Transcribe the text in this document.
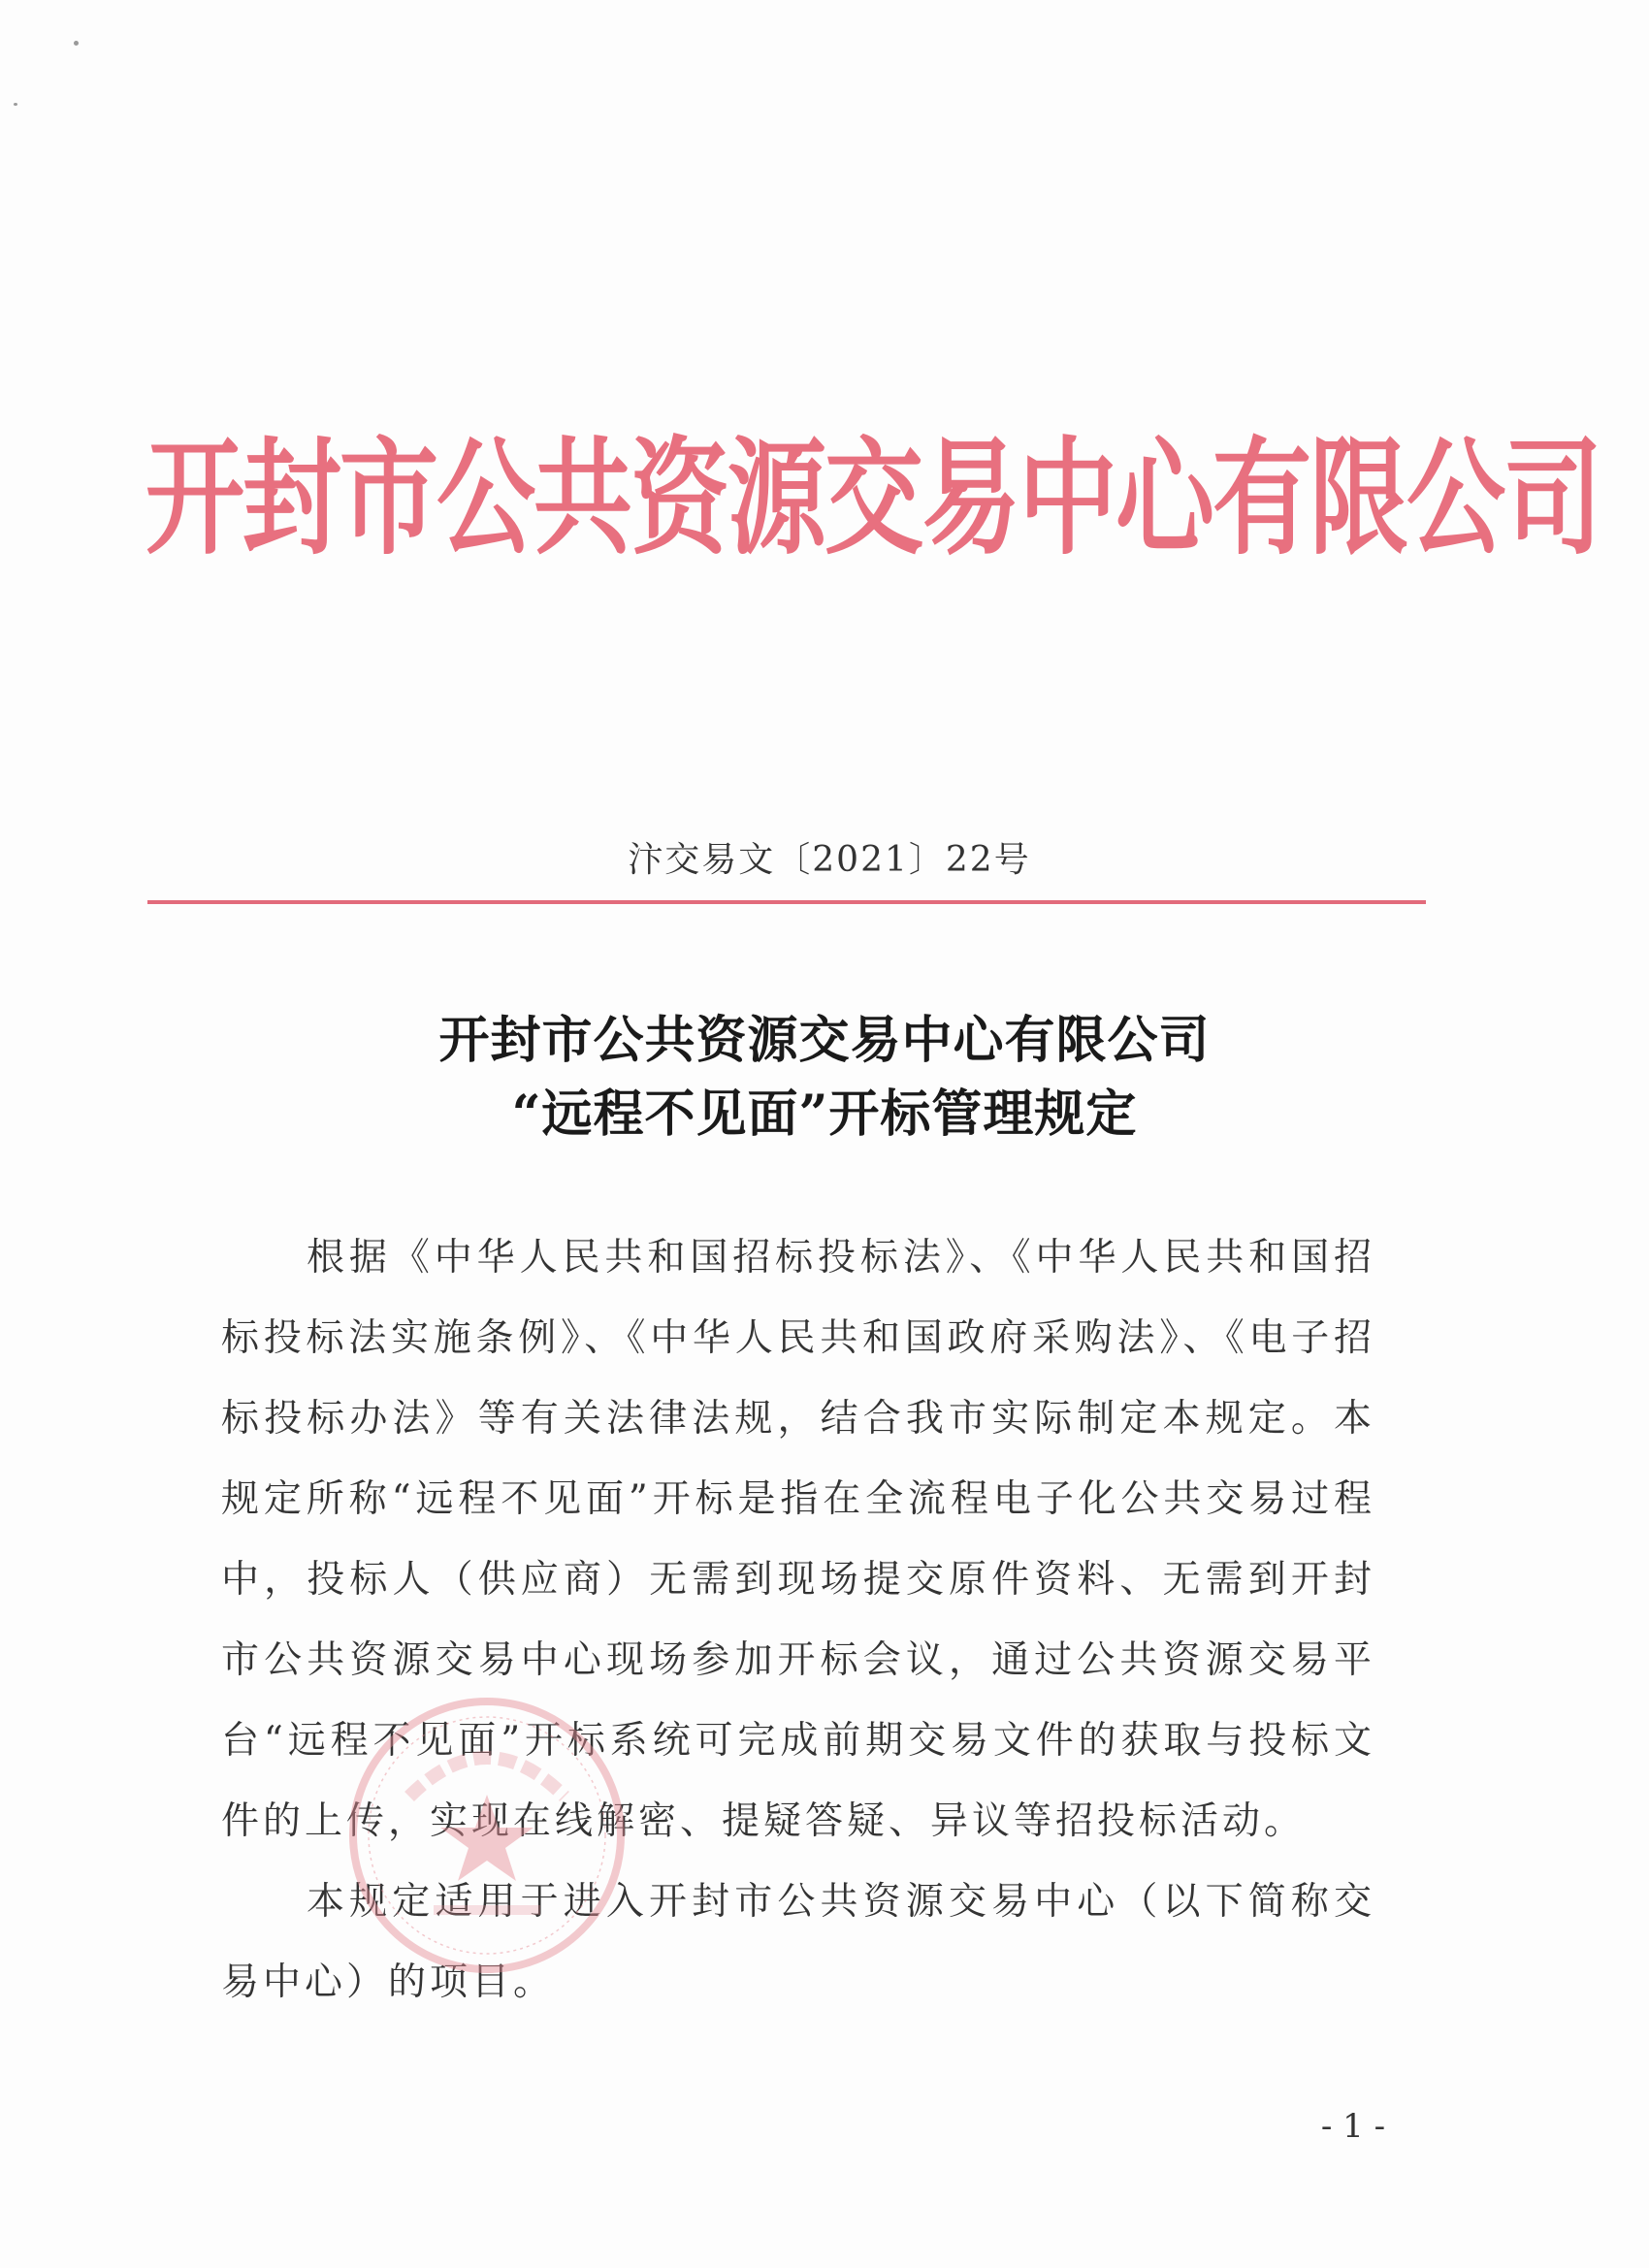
开封市公共资源交易中心有限公司
汴交易文〔2021〕22号
开封市公共资源交易中心有限公司
“远程不见面”开标管理规定

根据《中华人民共和国招标投标法》、《中华人民共和国招标投标法实施条例》、《中华人民共和国政府采购法》、《电子招标投标办法》等有关法律法规，结合我市实际制定本规定。本规定所称“远程不见面”开标是指在全流程电子化公共交易过程中，投标人（供应商）无需到现场提交原件资料、无需到开封市公共资源交易中心现场参加开标会议，通过公共资源交易平台“远程不见面”开标系统可完成前期交易文件的获取与投标文件的上传，实现在线解密、提疑答疑、异议等招投标活动。

本规定适用于进入开封市公共资源交易中心（以下简称交易中心）的项目。

- 1 -
